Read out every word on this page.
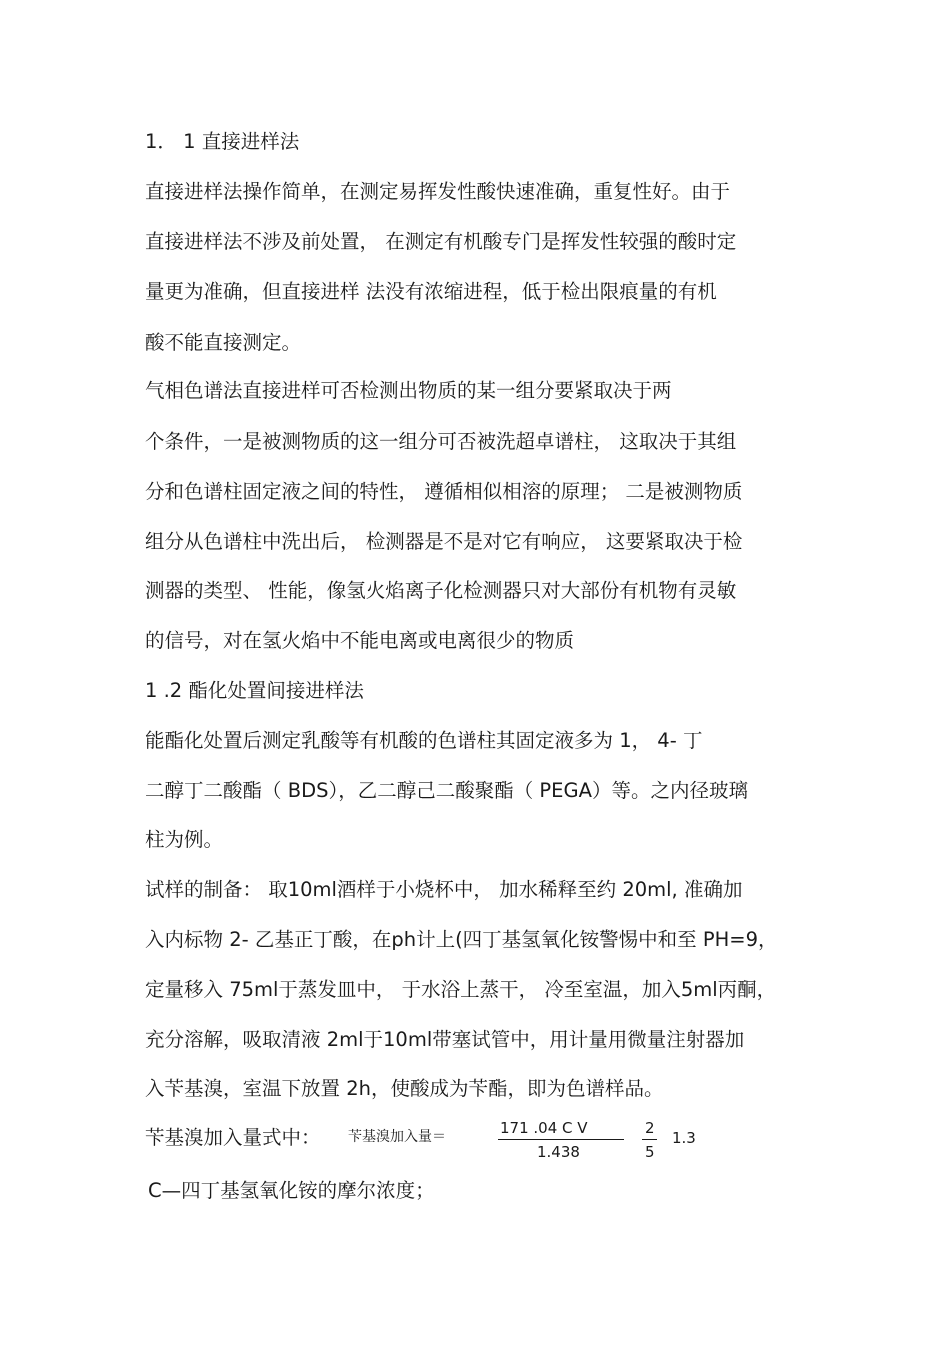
1． 1 直接进样法
直接进样法操作简单，在测定易挥发性酸快速准确，重复性好。由于
直接进样法不涉及前处置， 在测定有机酸专门是挥发性较强的酸时定
量更为准确，但直接进样 法没有浓缩进程，低于检出限痕量的有机
酸不能直接测定。
气相色谱法直接进样可否检测出物质的某一组分要紧取决于两
个条件，一是被测物质的这一组分可否被洗超卓谱柱， 这取决于其组
分和色谱柱固定液之间的特性， 遵循相似相溶的原理； 二是被测物质
组分从色谱柱中洗出后， 检测器是不是对它有响应， 这要紧取决于检
测器的类型、 性能，像氢火焰离子化检测器只对大部份有机物有灵敏
的信号，对在氢火焰中不能电离或电离很少的物质
1 .2 酯化处置间接进样法
能酯化处置后测定乳酸等有机酸的色谱柱其固定液多为 1， 4- 丁
二醇丁二酸酯（ BDS），乙二醇己二酸聚酯（ PEGA）等。之内径玻璃
柱为例。
试样的制备： 取10ml酒样于小烧杯中， 加水稀释至约 20ml, 准确加
入内标物 2- 乙基正丁酸，在ph计上(四丁基氢氧化铵警惕中和至 PH=9，
定量移入 75ml于蒸发皿中， 于水浴上蒸干， 冷至室温，加入5ml丙酮，
充分溶解，吸取清液 2ml于10ml带塞试管中，用计量用微量注射器加
入苄基溴，室温下放置 2h，使酸成为苄酯，即为色谱样品。
苄基溴加入量式中： 苄基溴加入量＝	171 .04 C V
1.438
2
5
1.3
C—四丁基氢氧化铵的摩尔浓度；
